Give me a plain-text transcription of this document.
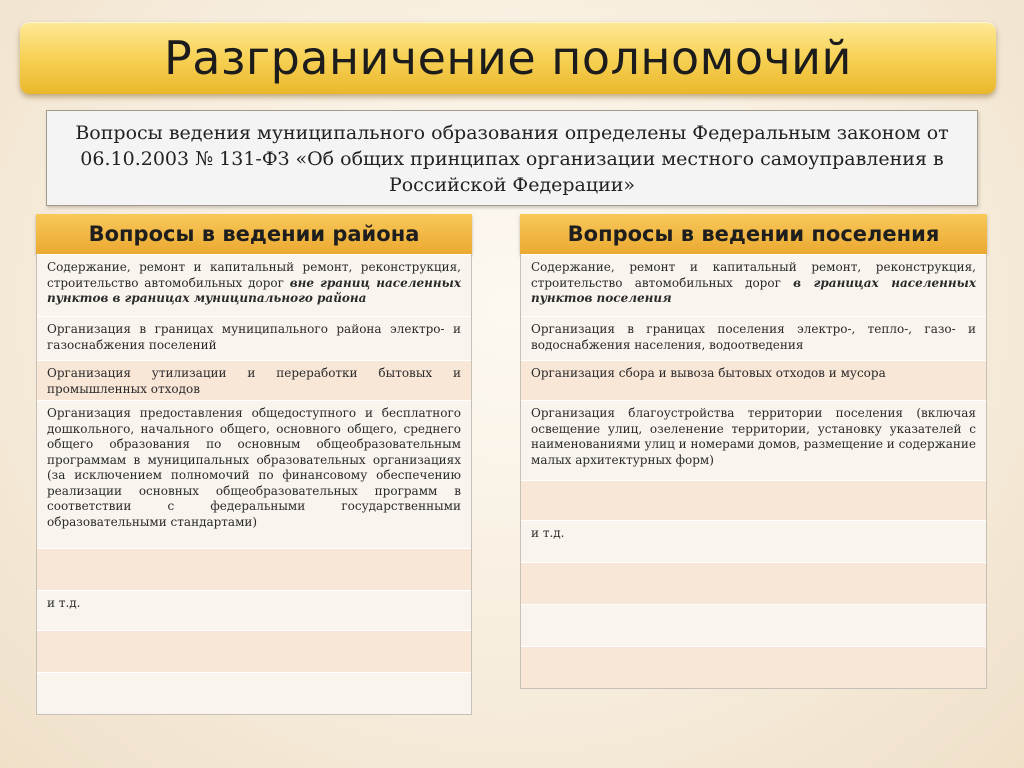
Разграничение полномочий
Вопросы ведения муниципального образования определены Федеральным законом от
06.10.2003 № 131-ФЗ «Об общих принципах организации местного самоуправления в
Российской Федерации»
Вопросы в ведении района
Содержание, ремонт и капитальный ремонт, реконструкция, строительство автомобильных дорог вне границ населенных пунктов в границах муниципального района
Организация в границах муниципального района электро- и газоснабжения поселений
Организация утилизации и переработки бытовых и промышленных отходов
Организация предоставления общедоступного и бесплатного дошкольного, начального общего, основного общего, среднего общего образования по основным общеобразовательным программам в муниципальных образовательных организациях (за исключением полномочий по финансовому обеспечению реализации основных общеобразовательных программ в соответствии с федеральными государственными образовательными стандартами)
и т.д.
Вопросы в ведении поселения
Содержание, ремонт и капитальный ремонт, реконструкция, строительство автомобильных дорог в границах населенных пунктов поселения
Организация в границах поселения электро-, тепло-, газо- и водоснабжения населения, водоотведения
Организация сбора и вывоза бытовых отходов и мусора
Организация благоустройства территории поселения (включая освещение улиц, озеленение территории, установку указателей с наименованиями улиц и номерами домов, размещение и содержание малых архитектурных форм)
и т.д.
